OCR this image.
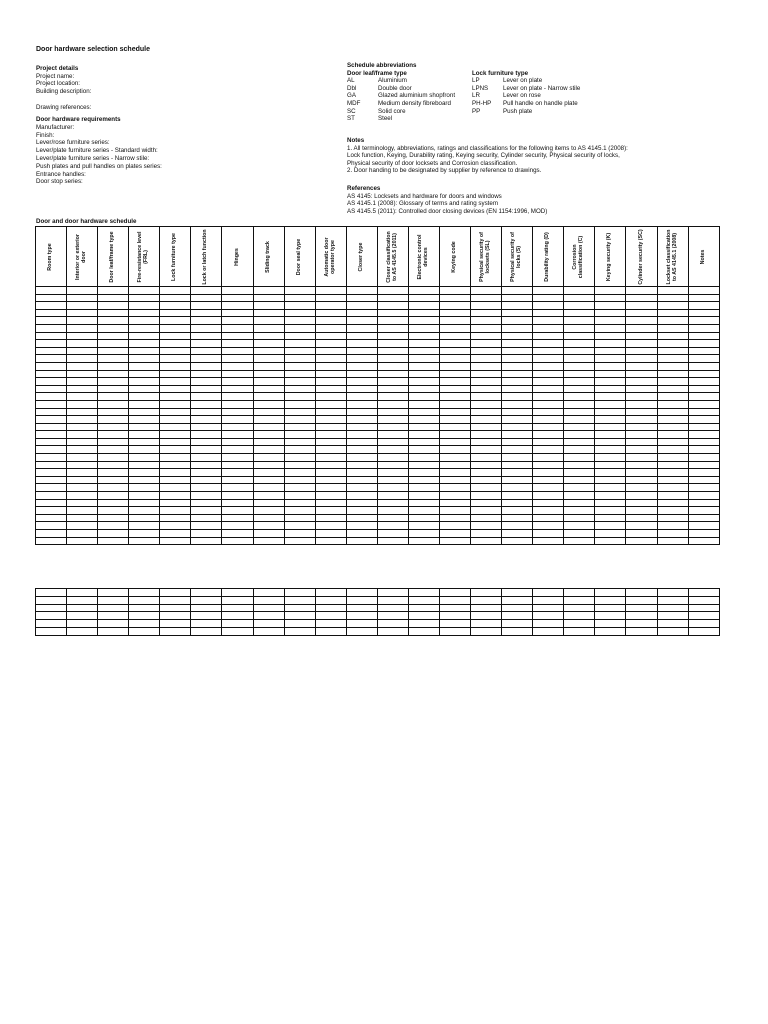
Door hardware selection schedule
Project details
Project name:
Project location:
Building description:
Drawing references:
Door hardware requirements
Manufacturer:
Finish:
Lever/rose furniture series:
Lever/plate furniture series - Standard width:
Lever/plate furniture series - Narrow stile:
Push plates and pull handles on plates series:
Entrance handles:
Door stop series:
Schedule abbreviations
Door leaf/frame type	Lock furniture type
AL	Aluminium	LP	Lever on plate
Dbl	Double door	LPNS Lever on plate - Narrow stile
GA	Glazed aluminium shopfront	LR	Lever on rose
MDF	Medium density fibreboard	PH-HP Pull handle on handle plate
SC	Solid core	PP	Push plate
ST	Steel
Notes
1. All terminology, abbreviations, ratings and classifications for the following items to AS 4145.1 (2008):
Lock function, Keying, Durability rating, Keying security, Cylinder security, Physical security of locks,
Physical security of door locksets and Corrosion classification.
2. Door handing to be designated by supplier by reference to drawings.
References
AS 4145: Locksets and hardware for doors and windows
AS 4145.1 (2008): Glossary of terms and rating system
AS 4145.5 (2011): Controlled door closing devices (EN 1154:1996, MOD)
Door and door hardware schedule
Room type	Interior or exterior door	Door leaf/frame type	Fire-resistance level (FRL)	Lock furniture type	Lock or latch function	Hinges	Sliding track	Door seal type	Automatic door operator type	Closer type	Closer classification to AS 4145.5 (2011)	Electronic control devices	Keying code	Physical security of locksets (SL)	Physical security of locks (S)	Durability rating (D)	Corrosion classification (C)	Keying security (K)	Cylinder security (SC)	Lockset classification to AS 4145.1 (2008)	Notes
